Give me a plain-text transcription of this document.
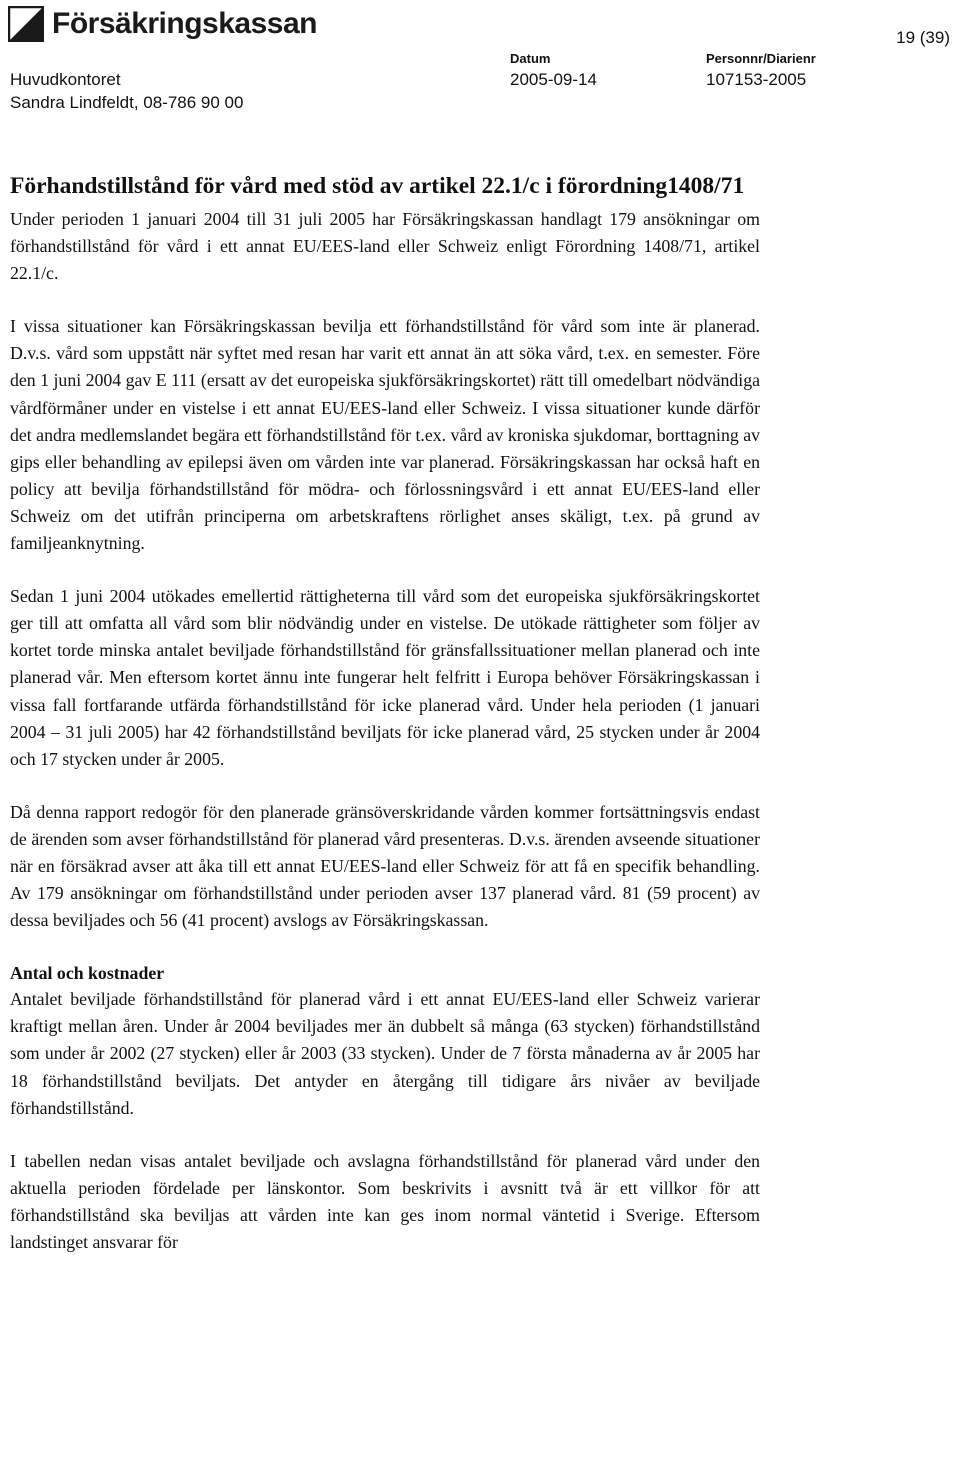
Försäkringskassan	19 (39)
Huvudkontoret
Sandra Lindfeldt, 08-786 90 00
Datum
2005-09-14
Personnr/Diarienr
107153-2005
Förhandstillstånd för vård med stöd av artikel 22.1/c i förordning1408/71

Under perioden 1 januari 2004 till 31 juli 2005 har Försäkringskassan handlagt 179 ansökningar om förhandstillstånd för vård i ett annat EU/EES-land eller Schweiz enligt Förordning 1408/71, artikel 22.1/c.

I vissa situationer kan Försäkringskassan bevilja ett förhandstillstånd för vård som inte är planerad. D.v.s. vård som uppstått när syftet med resan har varit ett annat än att söka vård, t.ex. en semester. Före den 1 juni 2004 gav E 111 (ersatt av det europeiska sjukförsäkringskortet) rätt till omedelbart nödvändiga vårdförmåner under en vistelse i ett annat EU/EES-land eller Schweiz. I vissa situationer kunde därför det andra medlemslandet begära ett förhandstillstånd för t.ex. vård av kroniska sjukdomar, borttagning av gips eller behandling av epilepsi även om vården inte var planerad. Försäkringskassan har också haft en policy att bevilja förhandstillstånd för mödra- och förlossningsvård i ett annat EU/EES-land eller Schweiz om det utifrån principerna om arbetskraftens rörlighet anses skäligt, t.ex. på grund av familjeanknytning.

Sedan 1 juni 2004 utökades emellertid rättigheterna till vård som det europeiska sjukförsäkringskortet ger till att omfatta all vård som blir nödvändig under en vistelse. De utökade rättigheter som följer av kortet torde minska antalet beviljade förhandstillstånd för gränsfallssituationer mellan planerad och inte planerad vår. Men eftersom kortet ännu inte fungerar helt felfritt i Europa behöver Försäkringskassan i vissa fall fortfarande utfärda förhandstillstånd för icke planerad vård. Under hela perioden (1 januari 2004 – 31 juli 2005) har 42 förhandstillstånd beviljats för icke planerad vård, 25 stycken under år 2004 och 17 stycken under år 2005.

Då denna rapport redogör för den planerade gränsöverskridande vården kommer fortsättningsvis endast de ärenden som avser förhandstillstånd för planerad vård presenteras. D.v.s. ärenden avseende situationer när en försäkrad avser att åka till ett annat EU/EES-land eller Schweiz för att få en specifik behandling. Av 179 ansökningar om förhandstillstånd under perioden avser 137 planerad vård. 81 (59 procent) av dessa beviljades och 56 (41 procent) avslogs av Försäkringskassan.

Antal och kostnader

Antalet beviljade förhandstillstånd för planerad vård i ett annat EU/EES-land eller Schweiz varierar kraftigt mellan åren. Under år 2004 beviljades mer än dubbelt så många (63 stycken) förhandstillstånd som under år 2002 (27 stycken) eller år 2003 (33 stycken). Under de 7 första månaderna av år 2005 har 18 förhandstillstånd beviljats. Det antyder en återgång till tidigare års nivåer av beviljade förhandstillstånd.

I tabellen nedan visas antalet beviljade och avslagna förhandstillstånd för planerad vård under den aktuella perioden fördelade per länskontor. Som beskrivits i avsnitt två är ett villkor för att förhandstillstånd ska beviljas att vården inte kan ges inom normal väntetid i Sverige. Eftersom landstinget ansvarar för
